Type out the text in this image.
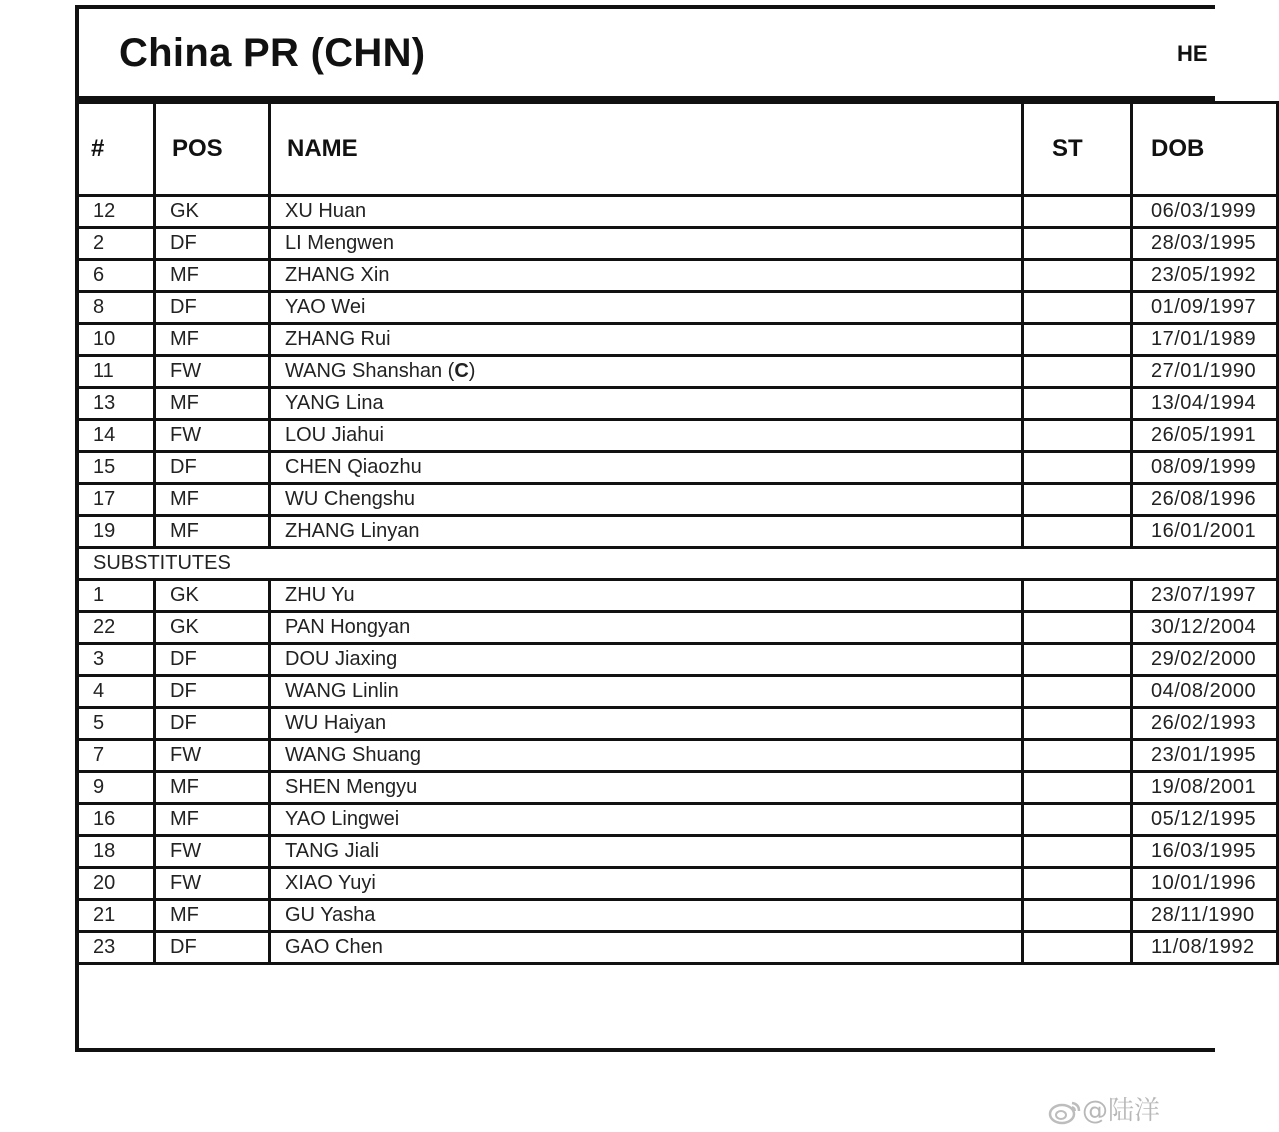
China PR (CHN)	HE
#	POS	NAME	ST	DOB
12	GK	XU Huan		06/03/1999
2	DF	LI Mengwen		28/03/1995
6	MF	ZHANG Xin		23/05/1992
8	DF	YAO Wei		01/09/1997
10	MF	ZHANG Rui		17/01/1989
11	FW	WANG Shanshan (C)		27/01/1990
13	MF	YANG Lina		13/04/1994
14	FW	LOU Jiahui		26/05/1991
15	DF	CHEN Qiaozhu		08/09/1999
17	MF	WU Chengshu		26/08/1996
19	MF	ZHANG Linyan		16/01/2001
SUBSTITUTES				
1	GK	ZHU Yu		23/07/1997
22	GK	PAN Hongyan		30/12/2004
3	DF	DOU Jiaxing		29/02/2000
4	DF	WANG Linlin		04/08/2000
5	DF	WU Haiyan		26/02/1993
7	FW	WANG Shuang		23/01/1995
9	MF	SHEN Mengyu		19/08/2001
16	MF	YAO Lingwei		05/12/1995
18	FW	TANG Jiali		16/03/1995
20	FW	XIAO Yuyi		10/01/1996
21	MF	GU Yasha		28/11/1990
23	DF	GAO Chen		11/08/1992
@陆洋
